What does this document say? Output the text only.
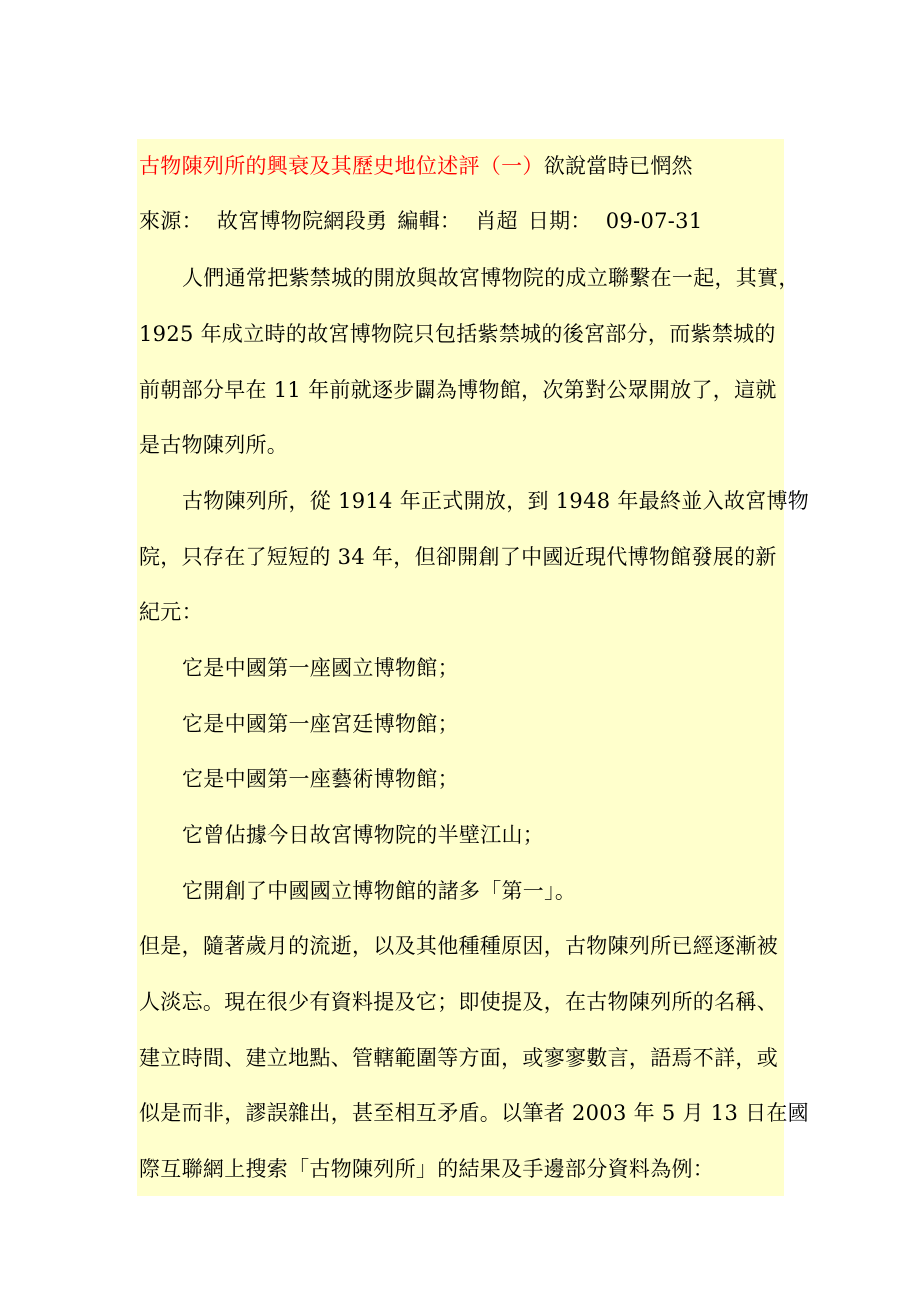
古物陳列所的興衰及其歷史地位述評（一）欲說當時已惘然
來源： 故宮博物院網段勇 編輯： 肖超 日期： 09-07-31
人們通常把紫禁城的開放與故宮博物院的成立聯繫在一起，其實，
1925 年成立時的故宮博物院只包括紫禁城的後宮部分，而紫禁城的
前朝部分早在 11 年前就逐步闢為博物館，次第對公眾開放了，這就
是古物陳列所。
古物陳列所，從 1914 年正式開放，到 1948 年最終並入故宮博物
院，只存在了短短的 34 年，但卻開創了中國近現代博物館發展的新
紀元：
它是中國第一座國立博物館；
它是中國第一座宮廷博物館；
它是中國第一座藝術博物館；
它曾佔據今日故宮博物院的半壁江山；
它開創了中國國立博物館的諸多「第一」。
但是，隨著歲月的流逝，以及其他種種原因，古物陳列所已經逐漸被
人淡忘。現在很少有資料提及它；即使提及，在古物陳列所的名稱、
建立時間、建立地點、管轄範圍等方面，或寥寥數言，語焉不詳，或
似是而非，謬誤雜出，甚至相互矛盾。以筆者 2003 年 5 月 13 日在國
際互聯網上搜索「古物陳列所」的結果及手邊部分資料為例：
